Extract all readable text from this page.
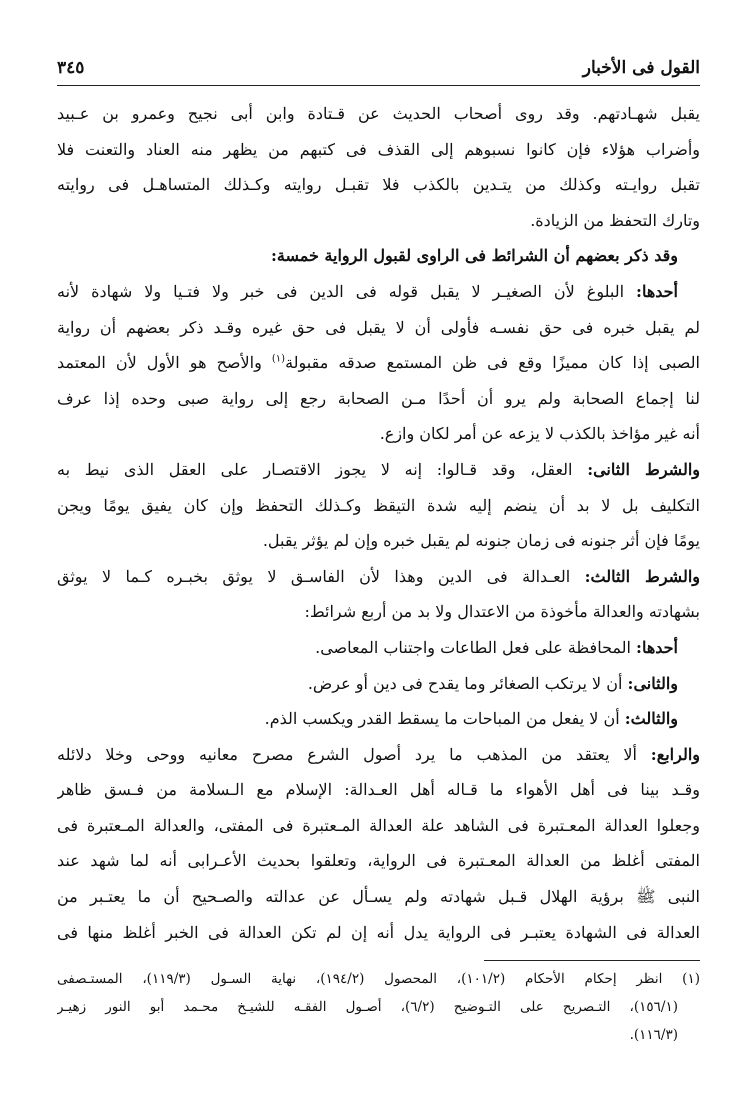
القول فى الأخبار
٣٤٥
يقبل شهـادتهم. وقد روى أصحاب الحديث عن قـتادة وابن أبى نجيح وعمرو بن عـبيد
وأضراب هؤلاء فإن كانوا نسبوهم إلى القذف فى كتبهم من يظهر منه العناد والتعنت فلا
تقبل روايـته وكذلك من يتـدين بالكذب فلا تقبـل روايته وكـذلك المتساهـل فى روايته
وتارك التحفظ من الزيادة.
وقد ذكر بعضهم أن الشرائط فى الراوى لقبول الرواية خمسة:
أحدها: البلوغ لأن الصغيـر لا يقبل قوله فى الدين فى خبر ولا فتـيا ولا شهادة لأنه
لم يقبل خبره فى حق نفسـه فأولى أن لا يقبل فى حق غيره وقـد ذكر بعضهم أن رواية
الصبى إذا كان مميزًا وقع فى ظن المستمع صدقه مقبولة$^{(١)}$ والأصح هو الأول لأن المعتمد
لنا إجماع الصحابة ولم يرو أن أحدًا مـن الصحابة رجع إلى رواية صبى وحده إذا عرف
أنه غير مؤاخذ بالكذب لا يزعه عن أمر لكان وازع.
والشرط الثانى: العقل، وقد قـالوا: إنه لا يجوز الاقتصـار على العقل الذى نيط به
التكليف بل لا بد أن ينضم إليه شدة التيقظ وكـذلك التحفظ وإن كان يفيق يومًا ويجن
يومًا فإن أثر جنونه فى زمان جنونه لم يقبل خبره وإن لم يؤثر يقبل.
والشرط الثالث: العـدالة فى الدين وهذا لأن الفاسـق لا يوثق بخبـره كـما لا يوثق
بشهادته والعدالة مأخوذة من الاعتدال ولا بد من أربع شرائط:
أحدها: المحافظة على فعل الطاعات واجتناب المعاصى.
والثانى: أن لا يرتكب الصغائر وما يقدح فى دين أو عرض.
والثالث: أن لا يفعل من المباحات ما يسقط القدر ويكسب الذم.
والرابع: ألا يعتقد من المذهب ما يرد أصول الشرع مصرح معانيه ووحى وخلا دلائله
وقـد بينا فى أهل الأهواء ما قـاله أهل العـدالة: الإسلام مع الـسلامة من فـسق ظاهر
وجعلوا العدالة المعـتبرة فى الشاهد علة العدالة المـعتبرة فى المفتى، والعدالة المـعتبرة فى
المفتى أغلظ من العدالة المعـتبرة فى الرواية، وتعلقوا بحديث الأعـرابى أنه لما شهد عند
النبى ﷺ برؤية الهلال قـبل شهادته ولم يسـأل عن عدالته والصـحيح أن ما يعتـبر من
العدالة فى الشهادة يعتبـر فى الرواية يدل أنه إن لم تكن العدالة فى الخبر أغلظ منها فى
(١) انظر إحكام الأحكام (١٠١/٢)، المحصول (١٩٤/٢)، نهاية السـول (١١٩/٣)، المستـصفى
(١٥٦/١)، التـصريح على التـوضيح (٦/٢)، أصـول الفقـه للشيـخ محـمد أبو النور زهيـر
(١١٦/٣).
